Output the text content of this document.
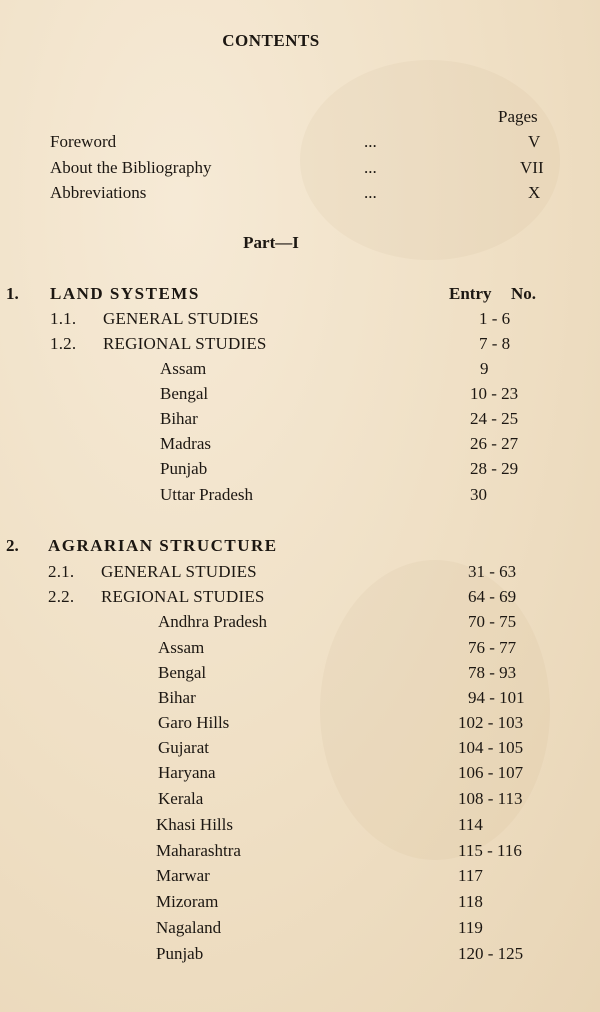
CONTENTS
Pages
Foreword	...	V
About the Bibliography	...	VII
Abbreviations	...	X
Part—I
1. LAND SYSTEMS	Entry No.
1.1. GENERAL STUDIES	1 - 6
1.2. REGIONAL STUDIES	7 - 8
Assam	9
Bengal	10 - 23
Bihar	24 - 25
Madras	26 - 27
Punjab	28 - 29
Uttar Pradesh	30
2. AGRARIAN STRUCTURE
2.1. GENERAL STUDIES	31 - 63
2.2. REGIONAL STUDIES	64 - 69
Andhra Pradesh	70 - 75
Assam	76 - 77
Bengal	78 - 93
Bihar	94 - 101
Garo Hills	102 - 103
Gujarat	104 - 105
Haryana	106 - 107
Kerala	108 - 113
Khasi Hills	114
Maharashtra	115 - 116
Marwar	117
Mizoram	118
Nagaland	119
Punjab	120 - 125
